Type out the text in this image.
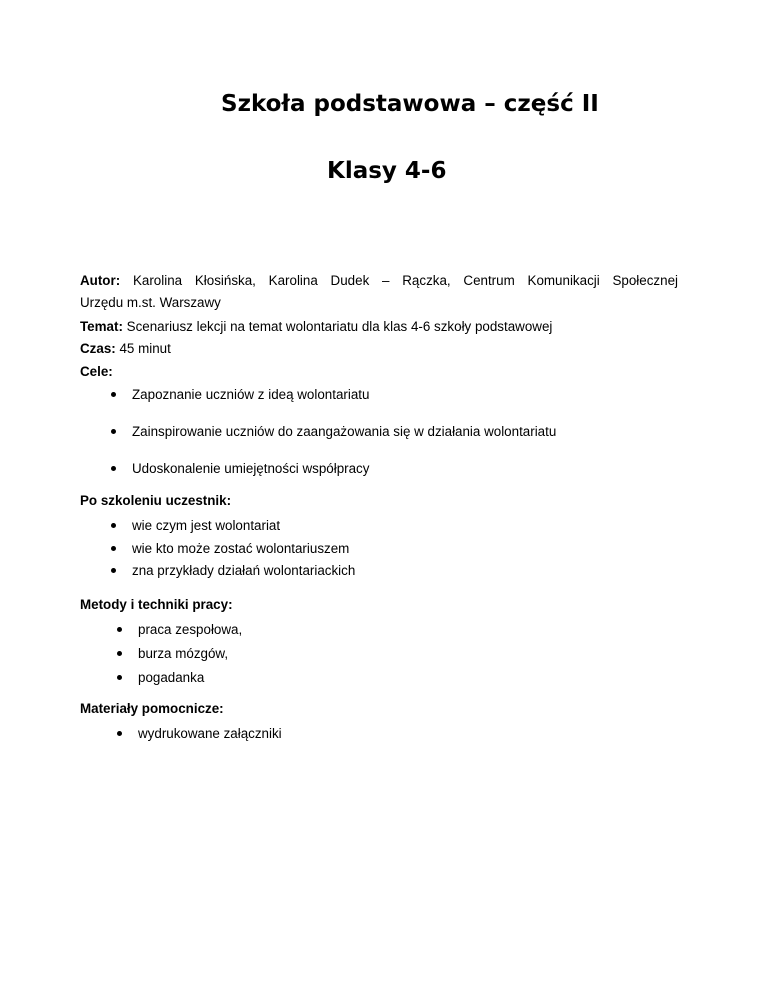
Szkoła podstawowa – część II
Klasy 4-6
Autor: Karolina Kłosińska, Karolina Dudek – Rączka, Centrum Komunikacji Społecznej
Urzędu m.st. Warszawy
Temat: Scenariusz lekcji na temat wolontariatu dla klas 4-6 szkoły podstawowej
Czas: 45 minut
Cele:
Zapoznanie uczniów z ideą wolontariatu
Zainspirowanie uczniów do zaangażowania się w działania wolontariatu
Udoskonalenie umiejętności współpracy
Po szkoleniu uczestnik:
wie czym jest wolontariat
wie kto może zostać wolontariuszem
zna przykłady działań wolontariackich
Metody i techniki pracy:
praca zespołowa,
burza mózgów,
pogadanka
Materiały pomocnicze:
wydrukowane załączniki
